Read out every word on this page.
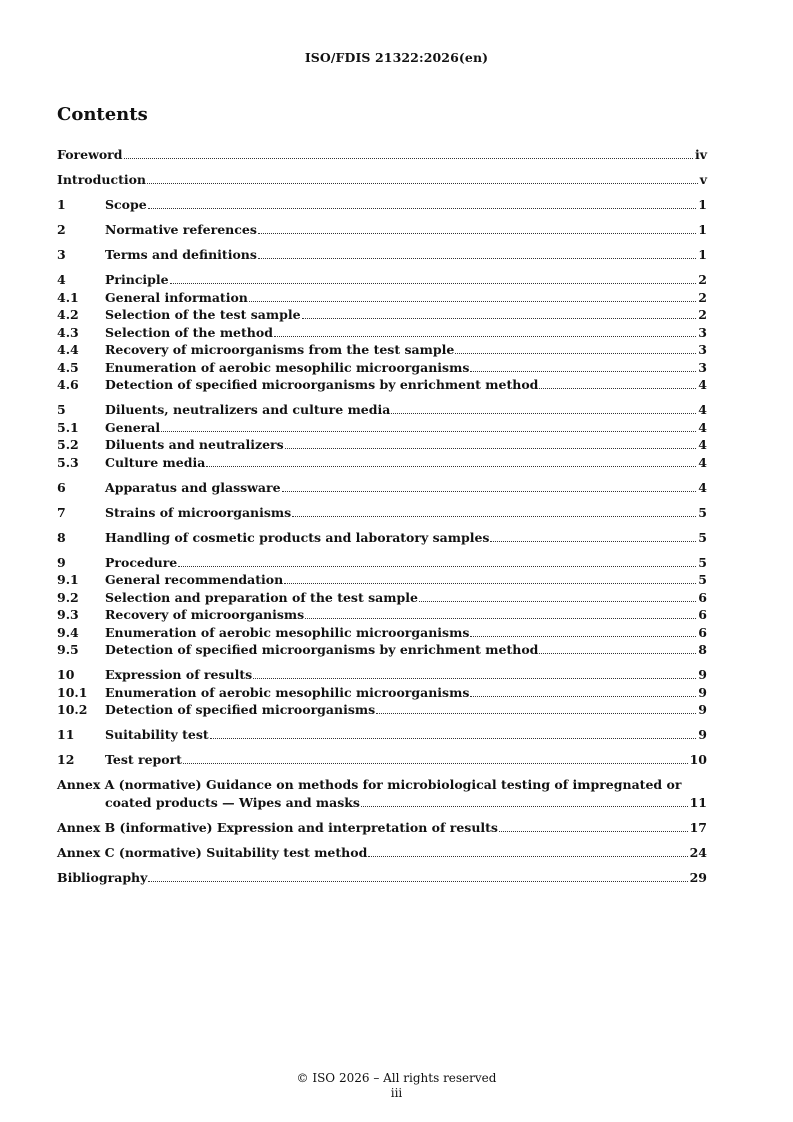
ISO/FDIS 21322:2026(en)
Contents
Foreword	iv
Introduction	v
1	Scope	1
2	Normative references	1
3	Terms and definitions	1
4	Principle	2
4.1	General information	2
4.2	Selection of the test sample	2
4.3	Selection of the method	3
4.4	Recovery of microorganisms from the test sample	3
4.5	Enumeration of aerobic mesophilic microorganisms	3
4.6	Detection of specified microorganisms by enrichment method	4
5	Diluents, neutralizers and culture media	4
5.1	General	4
5.2	Diluents and neutralizers	4
5.3	Culture media	4
6	Apparatus and glassware	4
7	Strains of microorganisms	5
8	Handling of cosmetic products and laboratory samples	5
9	Procedure	5
9.1	General recommendation	5
9.2	Selection and preparation of the test sample	6
9.3	Recovery of microorganisms	6
9.4	Enumeration of aerobic mesophilic microorganisms	6
9.5	Detection of specified microorganisms by enrichment method	8
10	Expression of results	9
10.1	Enumeration of aerobic mesophilic microorganisms	9
10.2	Detection of specified microorganisms	9
11	Suitability test	9
12	Test report	10
Annex A (normative) Guidance on methods for microbiological testing of impregnated or
coated products — Wipes and masks	11
Annex B (informative) Expression and interpretation of results	17
Annex C (normative) Suitability test method	24
Bibliography	29
© ISO 2026 – All rights reserved
iii
